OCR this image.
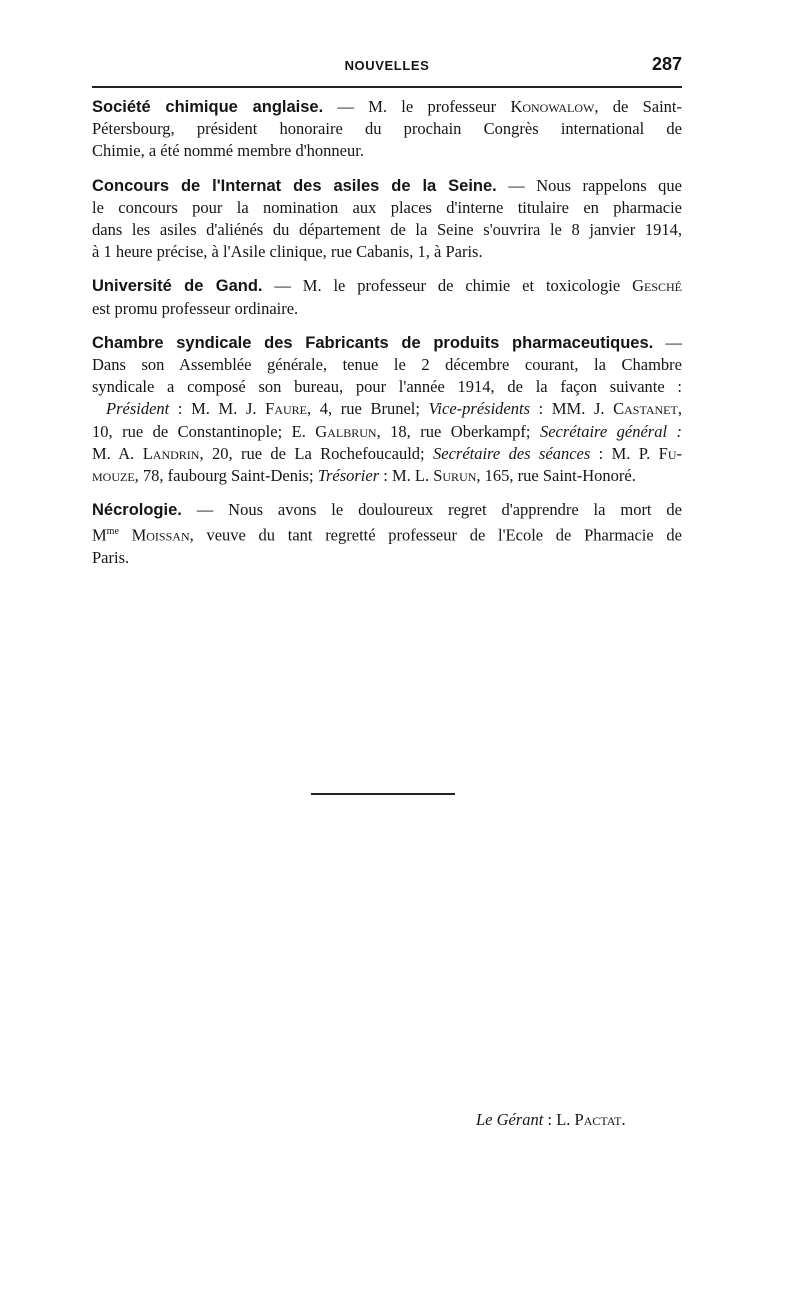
NOUVELLES	287

Société chimique anglaise. — M. le professeur Konowalow, de Saint-
Pétersbourg, président honoraire du prochain Congrès international de
Chimie, a été nommé membre d'honneur.

Concours de l'Internat des asiles de la Seine. — Nous rappelons que
le concours pour la nomination aux places d'interne titulaire en pharmacie
dans les asiles d'aliénés du département de la Seine s'ouvrira le 8 janvier 1914,
à 1 heure précise, à l'Asile clinique, rue Cabanis, 1, à Paris.

Université de Gand. — M. le professeur de chimie et toxicologie Gesché
est promu professeur ordinaire.

Chambre syndicale des Fabricants de produits pharmaceutiques. —
Dans son Assemblée générale, tenue le 2 décembre courant, la Chambre
syndicale a composé son bureau, pour l'année 1914, de la façon suivante :
Président : M. M. J. Faure, 4, rue Brunel; Vice-présidents : MM. J. Castanet,
10, rue de Constantinople; E. Galbrun, 18, rue Oberkampf; Secrétaire général :
M. A. Landrin, 20, rue de La Rochefoucauld; Secrétaire des séances : M. P. Fu-
mouze, 78, faubourg Saint-Denis; Trésorier : M. L. Surun, 165, rue Saint-Honoré.

Nécrologie. — Nous avons le douloureux regret d'apprendre la mort de
$M^{me}$ Moissan, veuve du tant regretté professeur de l'Ecole de Pharmacie de
Paris.

Le Gérant : L. Pactat.
